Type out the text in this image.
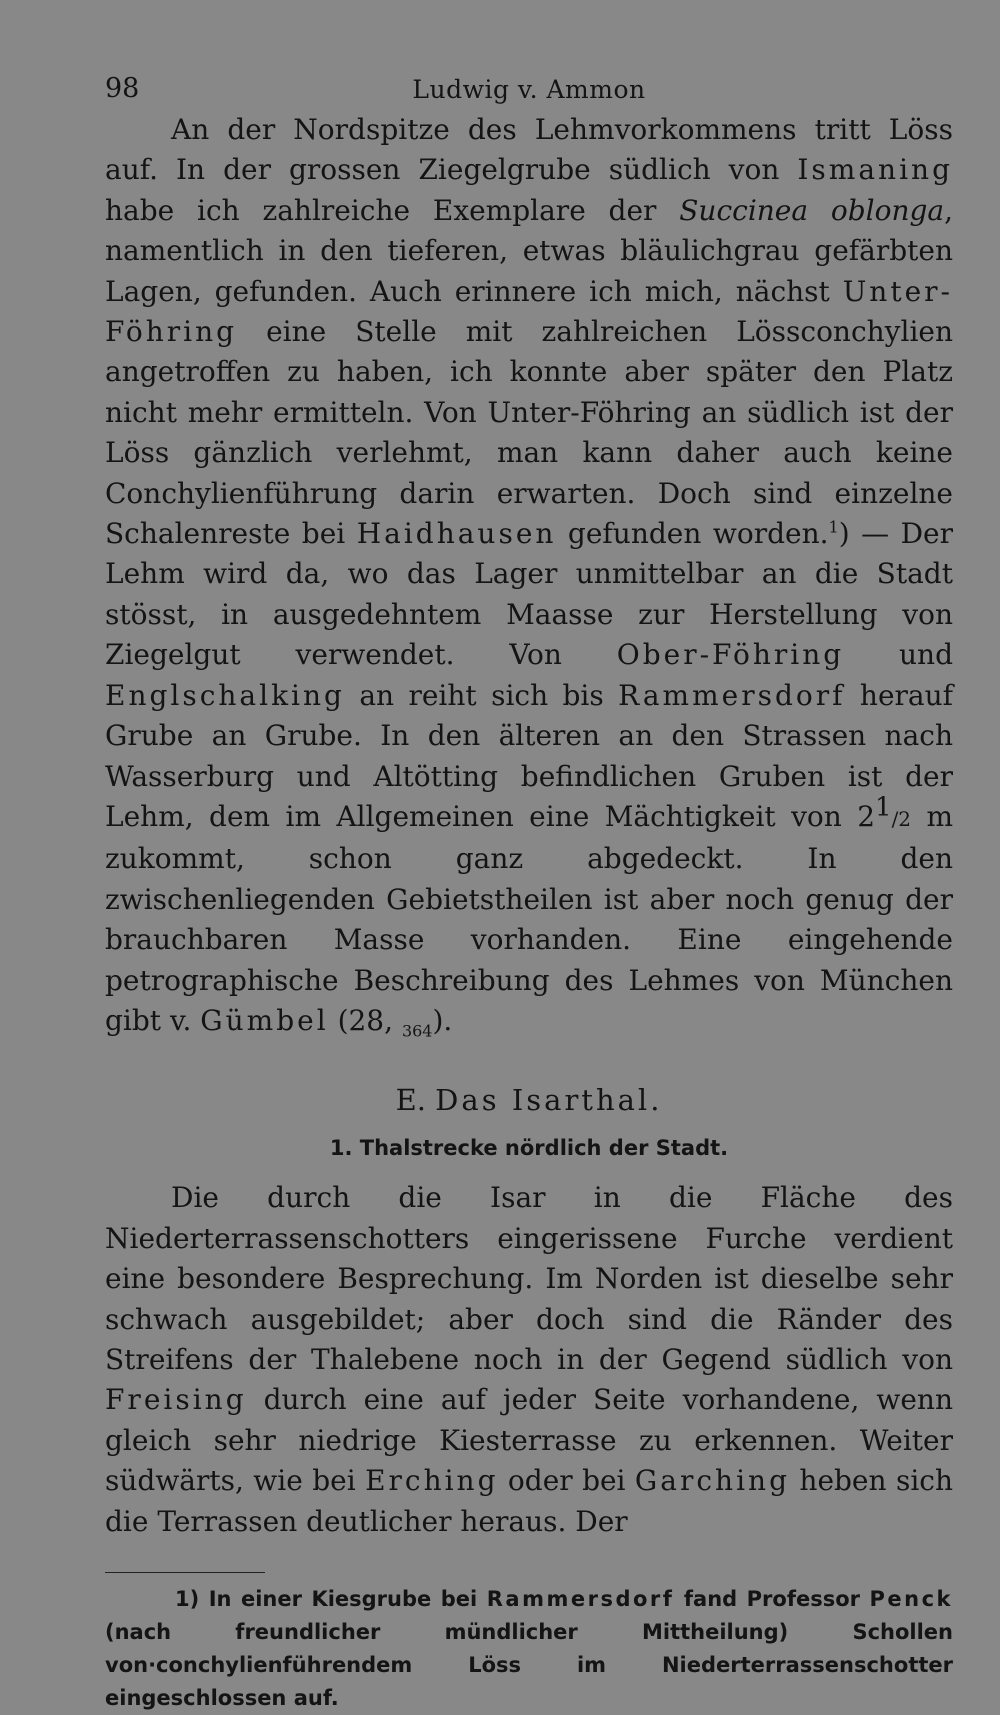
98	Ludwig v. Ammon

An der Nordspitze des Lehmvorkommens tritt Löss auf. In der grossen Ziegelgrube südlich von Ismaning habe ich zahlreiche Exemplare der Succinea oblonga, namentlich in den tieferen, etwas bläulichgrau gefärbten Lagen, gefunden. Auch erinnere ich mich, nächst Unter-Föhring eine Stelle mit zahlreichen Lössconchylien angetroffen zu haben, ich konnte aber später den Platz nicht mehr ermitteln. Von Unter-Föhring an südlich ist der Löss gänzlich verlehmt, man kann daher auch keine Conchylienführung darin erwarten. Doch sind einzelne Schalenreste bei Haidhausen gefunden worden.$^1$) — Der Lehm wird da, wo das Lager unmittelbar an die Stadt stösst, in ausgedehntem Maasse zur Herstellung von Ziegelgut verwendet. Von Ober-Föhring und Englschalking an reiht sich bis Rammersdorf herauf Grube an Grube. In den älteren an den Strassen nach Wasserburg und Altötting befindlichen Gruben ist der Lehm, dem im Allgemeinen eine Mächtigkeit von $2^1/2$ m zukommt, schon ganz abgedeckt. In den zwischenliegenden Gebietstheilen ist aber noch genug der brauchbaren Masse vorhanden. Eine eingehende petrographische Beschreibung des Lehmes von München gibt v. Gümbel (28, $_{364}$).

E. Das Isarthal.
1. Thalstrecke nördlich der Stadt.

Die durch die Isar in die Fläche des Niederterrassenschotters eingerissene Furche verdient eine besondere Besprechung. Im Norden ist dieselbe sehr schwach ausgebildet; aber doch sind die Ränder des Streifens der Thalebene noch in der Gegend südlich von Freising durch eine auf jeder Seite vorhandene, wenn gleich sehr niedrige Kiesterrasse zu erkennen. Weiter südwärts, wie bei Erching oder bei Garching heben sich die Terrassen deutlicher heraus. Der

1) In einer Kiesgrube bei Rammersdorf fand Professor Penck (nach freundlicher mündlicher Mittheilung) Schollen von·conchylienführendem Löss im Niederterrassenschotter eingeschlossen auf.
